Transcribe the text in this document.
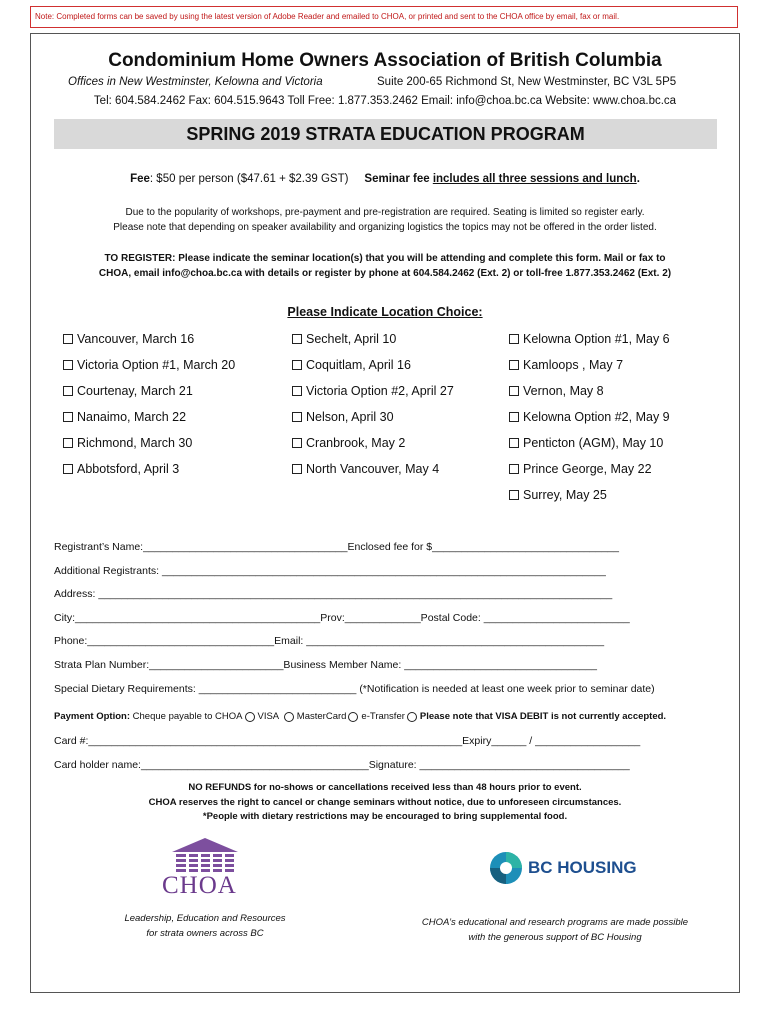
Note: Completed forms can be saved by using the latest version of Adobe Reader and emailed to CHOA, or printed and sent to the CHOA office by email, fax or mail.
Condominium Home Owners Association of British Columbia
Offices in New Westminster, Kelowna and Victoria	Suite 200-65 Richmond St, New Westminster, BC V3L 5P5
Tel: 604.584.2462 Fax: 604.515.9643 Toll Free: 1.877.353.2462 Email: info@choa.bc.ca Website: www.choa.bc.ca
SPRING 2019 STRATA EDUCATION PROGRAM
Fee: $50 per person ($47.61 + $2.39 GST) Seminar fee includes all three sessions and lunch.
Due to the popularity of workshops, pre-payment and pre-registration are required. Seating is limited so register early.
Please note that depending on speaker availability and organizing logistics the topics may not be offered in the order listed.
TO REGISTER: Please indicate the seminar location(s) that you will be attending and complete this form. Mail or fax to
CHOA, email info@choa.bc.ca with details or register by phone at 604.584.2462 (Ext. 2) or toll-free 1.877.353.2462 (Ext. 2)
Please Indicate Location Choice:
Vancouver, March 16
Victoria Option #1, March 20
Courtenay, March 21
Nanaimo, March 22
Richmond, March 30
Abbotsford, April 3
Sechelt, April 10
Coquitlam, April 16
Victoria Option #2, April 27
Nelson, April 30
Cranbrook, May 2
North Vancouver, May 4
Kelowna Option #1, May 6
Kamloops , May 7
Vernon, May 8
Kelowna Option #2, May 9
Penticton (AGM), May 10
Prince George, May 22
Surrey, May 25
Registrant’s Name:___________________________________Enclosed fee for $________________________________
Additional Registrants: ____________________________________________________________________________
Address: ________________________________________________________________________________________
City:__________________________________________Prov:_____________Postal Code: _________________________
Phone:________________________________Email: ___________________________________________________
Strata Plan Number:_______________________Business Member Name: _________________________________
Special Dietary Requirements: ___________________________ (*Notification is needed at least one week prior to seminar date)
Payment Option:
Cheque payable to CHOA VISA
MasterCard e-Transfer Please note that VISA DEBIT is not currently accepted.
Card #:________________________________________________________________Expiry______ / __________________
Card holder name:_______________________________________Signature: ____________________________________
NO REFUNDS for no-shows or cancellations received less than 48 hours prior to event.
CHOA reserves the right to cancel or change seminars without notice, due to unforeseen circumstances.
*People with dietary restrictions may be encouraged to bring supplemental food.
CHOA
Leadership, Education and Resources
for strata owners across BC
BC HOUSING
CHOA’s educational and research programs are made possible
with the generous support of BC Housing
